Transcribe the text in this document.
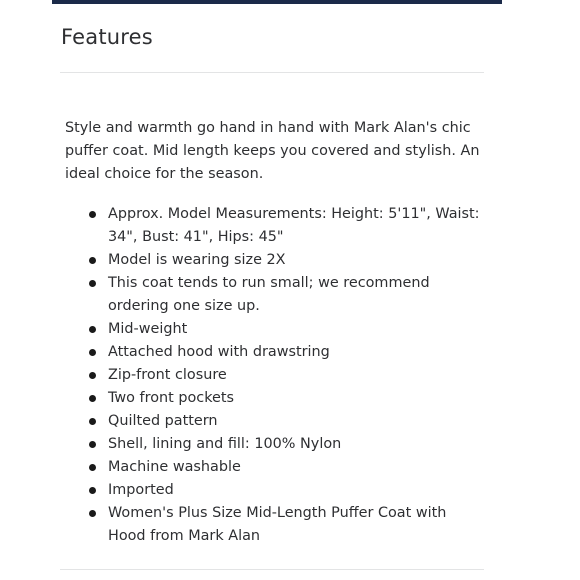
Features

Style and warmth go hand in hand with Mark Alan's chic puffer coat. Mid length keeps you covered and stylish. An ideal choice for the season.

Approx. Model Measurements: Height: 5'11", Waist: 34", Bust: 41", Hips: 45"
Model is wearing size 2X
This coat tends to run small; we recommend ordering one size up.
Mid-weight
Attached hood with drawstring
Zip-front closure
Two front pockets
Quilted pattern
Shell, lining and fill: 100% Nylon
Machine washable
Imported
Women's Plus Size Mid-Length Puffer Coat with Hood from Mark Alan
